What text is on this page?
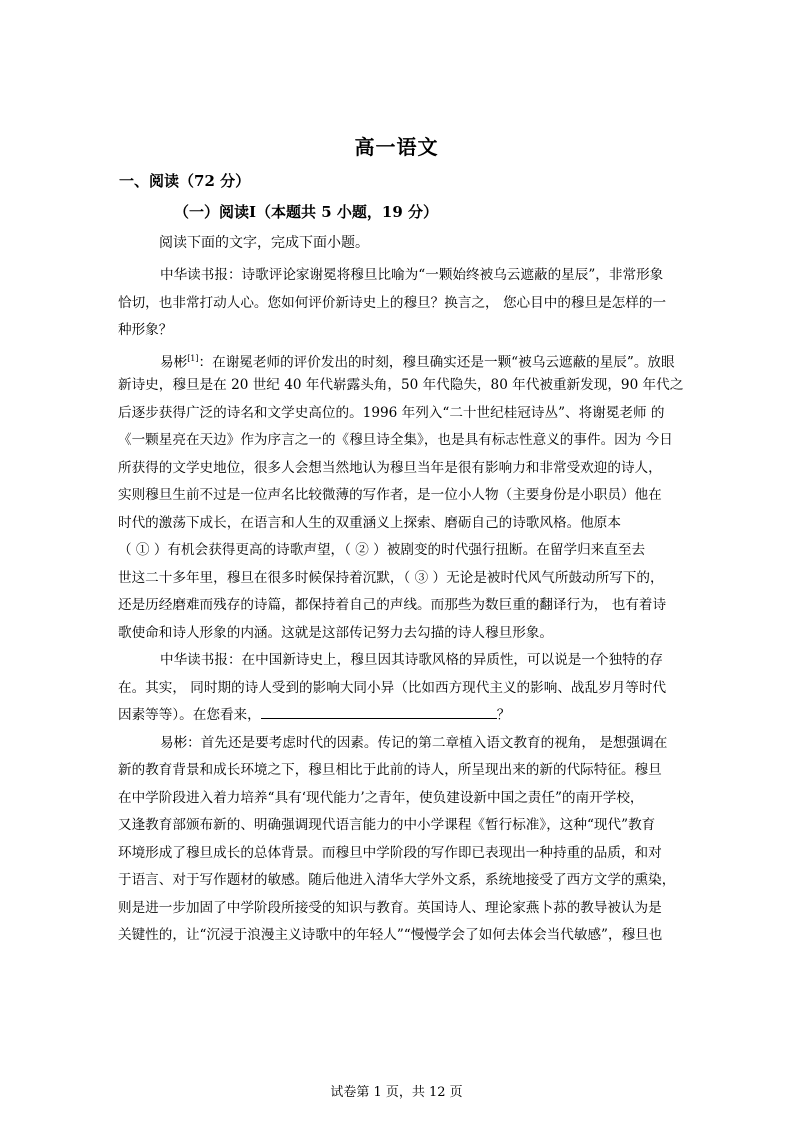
高一语文
一、阅读（72 分）
（一）阅读Ⅰ（本题共 5 小题，19 分）
阅读下面的文字，完成下面小题。
中华读书报：诗歌评论家谢冕将穆旦比喻为“一颗始终被乌云遮蔽的星辰”，非常形象
恰切，也非常打动人心。您如何评价新诗史上的穆旦？换言之， 您心目中的穆旦是怎样的一
种形象？
易彬[1]：在谢冕老师的评价发出的时刻，穆旦确实还是一颗“被乌云遮蔽的星辰”。放眼
新诗史，穆旦是在 20 世纪 40 年代崭露头角，50 年代隐失，80 年代被重新发现，90 年代之
后逐步获得广泛的诗名和文学史高位的。1996 年列入“二十世纪桂冠诗丛”、将谢冕老师 的
《一颗星亮在天边》作为序言之一的《穆旦诗全集》，也是具有标志性意义的事件。因为 今日
所获得的文学史地位，很多人会想当然地认为穆旦当年是很有影响力和非常受欢迎的诗人，
实则穆旦生前不过是一位声名比较微薄的写作者，是一位小人物（主要身份是小职员）他在
时代的激荡下成长，在语言和人生的双重涵义上探索、磨砺自己的诗歌风格。他原本
（ ① ）有机会获得更高的诗歌声望，（ ② ）被剧变的时代强行扭断。在留学归来直至去
世这二十多年里，穆旦在很多时候保持着沉默，（ ③ ）无论是被时代风气所鼓动所写下的，
还是历经磨难而残存的诗篇，都保持着自己的声线。而那些为数巨重的翻译行为， 也有着诗
歌使命和诗人形象的内涵。这就是这部传记努力去勾描的诗人穆旦形象。
中华读书报：在中国新诗史上，穆旦因其诗歌风格的异质性，可以说是一个独特的存
在。其实， 同时期的诗人受到的影响大同小异（比如西方现代主义的影响、战乱岁月等时代
因素等等）。在您看来，	？
易彬：首先还是要考虑时代的因素。传记的第二章植入语文教育的视角， 是想强调在
新的教育背景和成长环境之下，穆旦相比于此前的诗人，所呈现出来的新的代际特征。穆旦
在中学阶段进入着力培养“具有‘现代能力’之青年，使负建设新中国之责任”的南开学校，
又逢教育部颁布新的、明确强调现代语言能力的中小学课程《暂行标准》，这种“现代”教育
环境形成了穆旦成长的总体背景。而穆旦中学阶段的写作即已表现出一种持重的品质，和对
于语言、对于写作题材的敏感。随后他进入清华大学外文系，系统地接受了西方文学的熏染，
则是进一步加固了中学阶段所接受的知识与教育。英国诗人、理论家燕卜荪的教导被认为是
关键性的，让“沉浸于浪漫主义诗歌中的年轻人”“慢慢学会了如何去体会当代敏感”，穆旦也
试卷第 1 页，共 12 页
